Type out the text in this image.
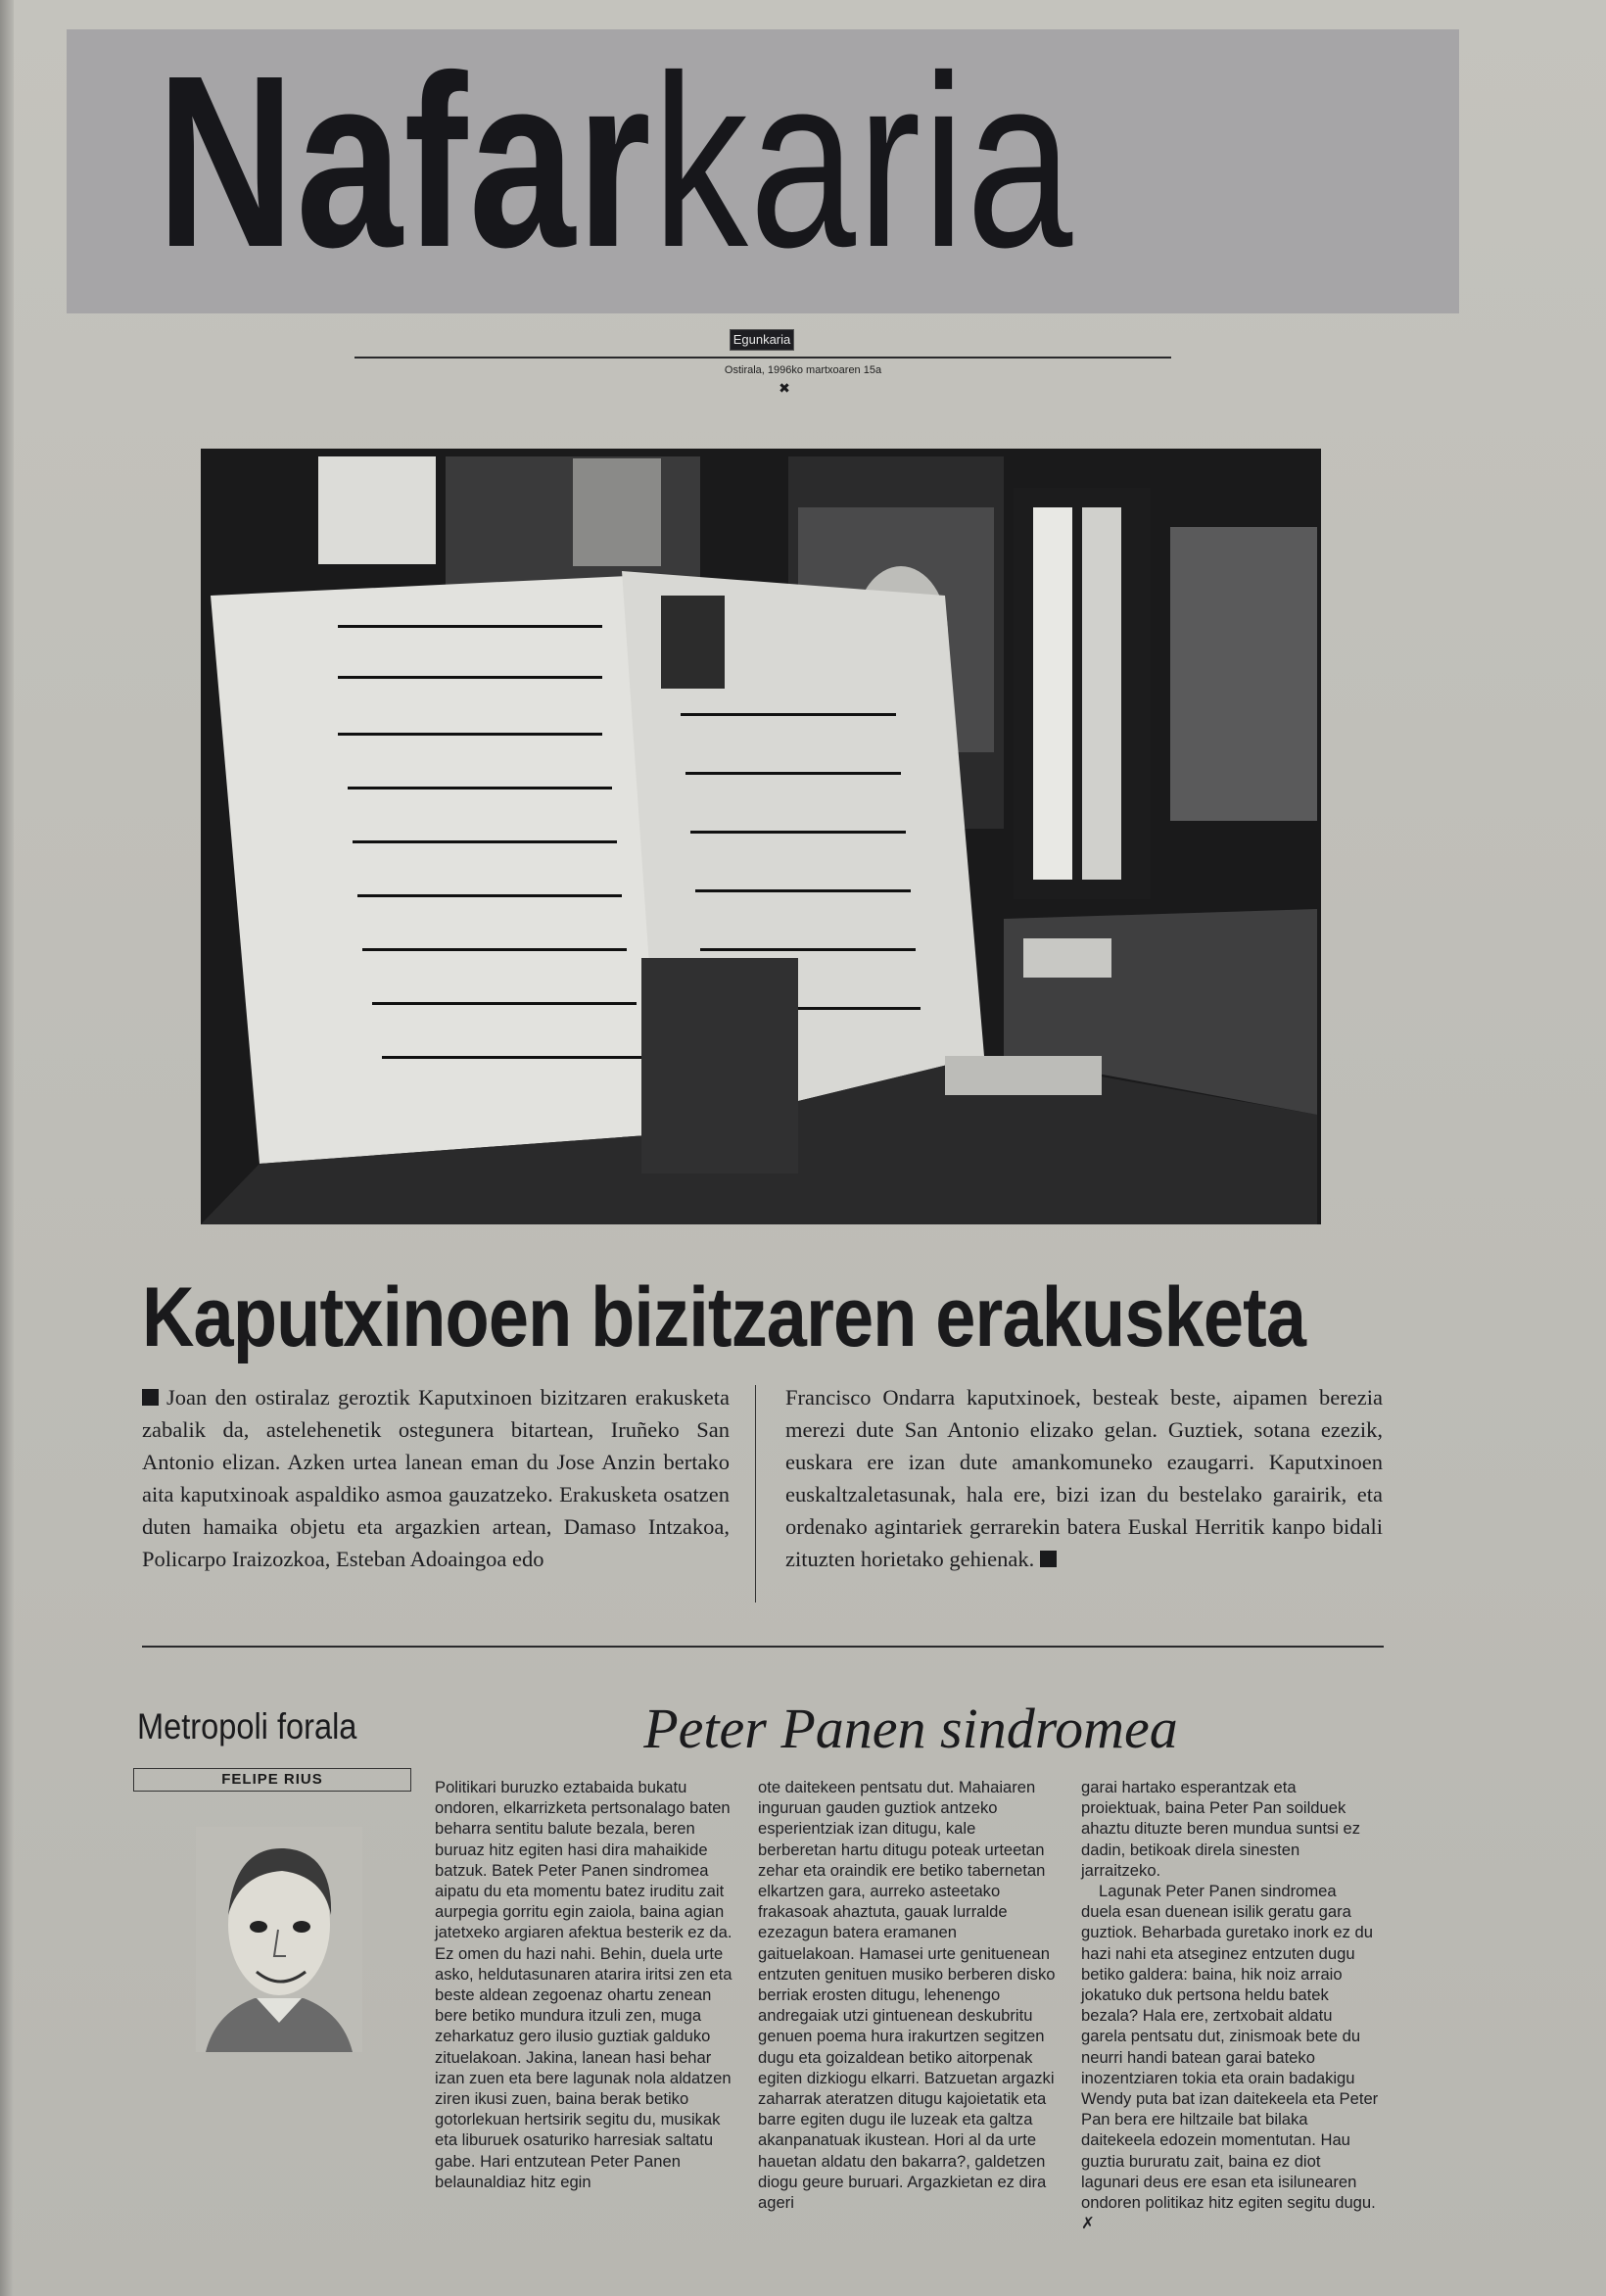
Nafarkaria
Egunkaria
Ostirala, 1996ko martxoaren 15a
✖
Kaputxinoen bizitzaren erakusketa
Joan den ostiralaz geroztik Kaputxinoen bizitzaren erakusketa zabalik da, astelehenetik ostegunera bitartean, Iruñeko San Antonio elizan. Azken urtea lanean eman du Jose Anzin bertako aita kaputxinoak aspaldiko asmoa gauzatzeko. Erakusketa osatzen duten hamaika objetu eta argazkien artean, Damaso Intzakoa, Policarpo Iraizozkoa, Esteban Adoaingoa edo
Francisco Ondarra kaputxinoek, besteak beste, aipamen berezia merezi dute San Antonio elizako gelan. Guztiek, sotana ezezik, euskara ere izan dute amankomuneko ezaugarri. Kaputxinoen euskaltzaletasunak, hala ere, bizi izan du bestelako garairik, eta ordenako agintariek gerrarekin batera Euskal Herritik kanpo bidali zituzten horietako gehienak.
Metropoli forala
FELIPE RIUS
Peter Panen sindromea

Politikari buruzko eztabaida bukatu ondoren, elkarrizketa pertsonalago baten beharra sentitu balute bezala, beren buruaz hitz egiten hasi dira mahaikide batzuk. Batek Peter Panen sindromea aipatu du eta momentu batez iruditu zait aurpegia gorritu egin zaiola, baina agian jatetxeko argiaren afektua besterik ez da. Ez omen du hazi nahi. Behin, duela urte asko, heldutasunaren atarira iritsi zen eta beste aldean zegoenaz ohartu zenean bere betiko mundura itzuli zen, muga zeharkatuz gero ilusio guztiak galduko zituelakoan. Jakina, lanean hasi behar izan zuen eta bere lagunak nola aldatzen ziren ikusi zuen, baina berak betiko gotorlekuan hertsirik segitu du, musikak eta liburuek osaturiko harresiak saltatu gabe. Hari entzutean Peter Panen belaunaldiaz hitz egin

ote daitekeen pentsatu dut. Mahaiaren inguruan gauden guztiok antzeko esperientziak izan ditugu, kale berberetan hartu ditugu poteak urteetan zehar eta oraindik ere betiko tabernetan elkartzen gara, aurreko asteetako frakasoak ahaztuta, gauak lurralde ezezagun batera eramanen gaituelakoan. Hamasei urte genituenean entzuten genituen musiko berberen disko berriak erosten ditugu, lehenengo andregaiak utzi gintuenean deskubritu genuen poema hura irakurtzen segitzen dugu eta goizaldean betiko aitorpenak egiten dizkiogu elkarri. Batzuetan argazki zaharrak ateratzen ditugu kajoietatik eta barre egiten dugu ile luzeak eta galtza akanpanatuak ikustean. Hori al da urte hauetan aldatu den bakarra?, galdetzen diogu geure buruari. Argazkietan ez dira ageri

garai hartako esperantzak eta proiektuak, baina Peter Pan soilduek ahaztu dituzte beren mundua suntsi ez dadin, betikoak direla sinesten jarraitzeko.

Lagunak Peter Panen sindromea duela esan duenean isilik geratu gara guztiok. Beharbada guretako inork ez du hazi nahi eta atseginez entzuten dugu betiko galdera: baina, hik noiz arraio jokatuko duk pertsona heldu batek bezala? Hala ere, zertxobait aldatu garela pentsatu dut, zinismoak bete du neurri handi batean garai bateko inozentziaren tokia eta orain badakigu Wendy puta bat izan daitekeela eta Peter Pan bera ere hiltzaile bat bilaka daitekeela edozein momentutan. Hau guztia bururatu zait, baina ez diot lagunari deus ere esan eta isilunearen ondoren politikaz hitz egiten segitu dugu. ✗
